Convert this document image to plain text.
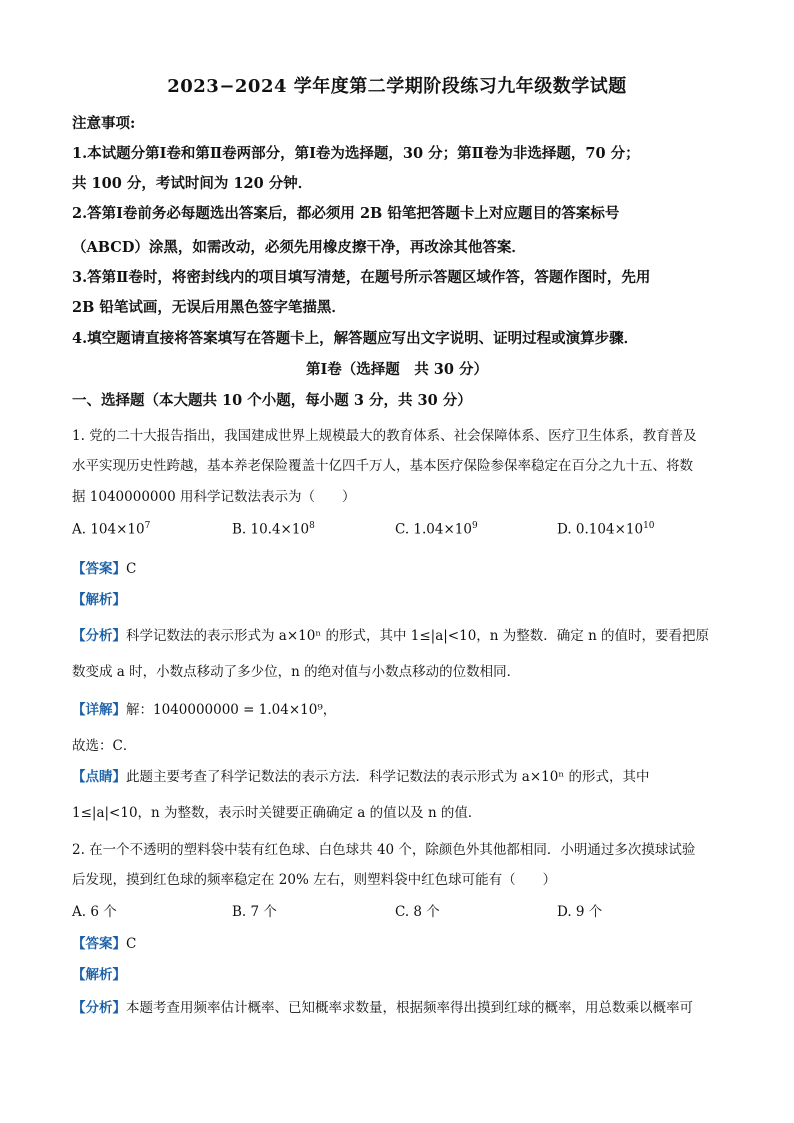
2023−2024 学年度第二学期阶段练习九年级数学试题
注意事项:
1.本试题分第Ⅰ卷和第Ⅱ卷两部分，第Ⅰ卷为选择题，30 分；第Ⅱ卷为非选择题，70 分；
共 100 分，考试时间为 120 分钟．
2.答第Ⅰ卷前务必每题选出答案后，都必须用 2B 铅笔把答题卡上对应题目的答案标号
（ABCD）涂黑，如需改动，必须先用橡皮擦干净，再改涂其他答案．
3.答第Ⅱ卷时，将密封线内的项目填写清楚，在题号所示答题区域作答，答题作图时，先用
2B 铅笔试画，无误后用黑色签字笔描黑．
4.填空题请直接将答案填写在答题卡上，解答题应写出文字说明、证明过程或演算步骤．
第Ⅰ卷（选择题　共 30 分）
一、选择题（本大题共 10 个小题，每小题 3 分，共 30 分）
1. 党的二十大报告指出，我国建成世界上规模最大的教育体系、社会保障体系、医疗卫生体系，教育普及
水平实现历史性跨越，基本养老保险覆盖十亿四千万人，基本医疗保险参保率稳定在百分之九十五、将数
据 1040000000 用科学记数法表示为（　　）
A. $104\times 10^7$	B. $10.4\times 10^8$	C. $1.04\times 10^9$	D. $0.104\times 10^{10}$
【答案】C
【解析】
【分析】科学记数法的表示形式为 a×10ⁿ 的形式，其中 1≤|a|<10，n 为整数．确定 n 的值时，要看把原
数变成 a 时，小数点移动了多少位，n 的绝对值与小数点移动的位数相同．
【详解】解：1040000000 = 1.04×10⁹，
故选：C．
【点睛】此题主要考查了科学记数法的表示方法．科学记数法的表示形式为 a×10ⁿ 的形式，其中
1≤|a|<10，n 为整数，表示时关键要正确确定 a 的值以及 n 的值．
2. 在一个不透明的塑料袋中装有红色球、白色球共 40 个，除颜色外其他都相同．小明通过多次摸球试验
后发现，摸到红色球的频率稳定在 20% 左右，则塑料袋中红色球可能有（　　）
A. 6 个	B. 7 个	C. 8 个	D. 9 个
【答案】C
【解析】
【分析】本题考查用频率估计概率、已知概率求数量，根据频率得出摸到红球的概率，用总数乘以概率可
